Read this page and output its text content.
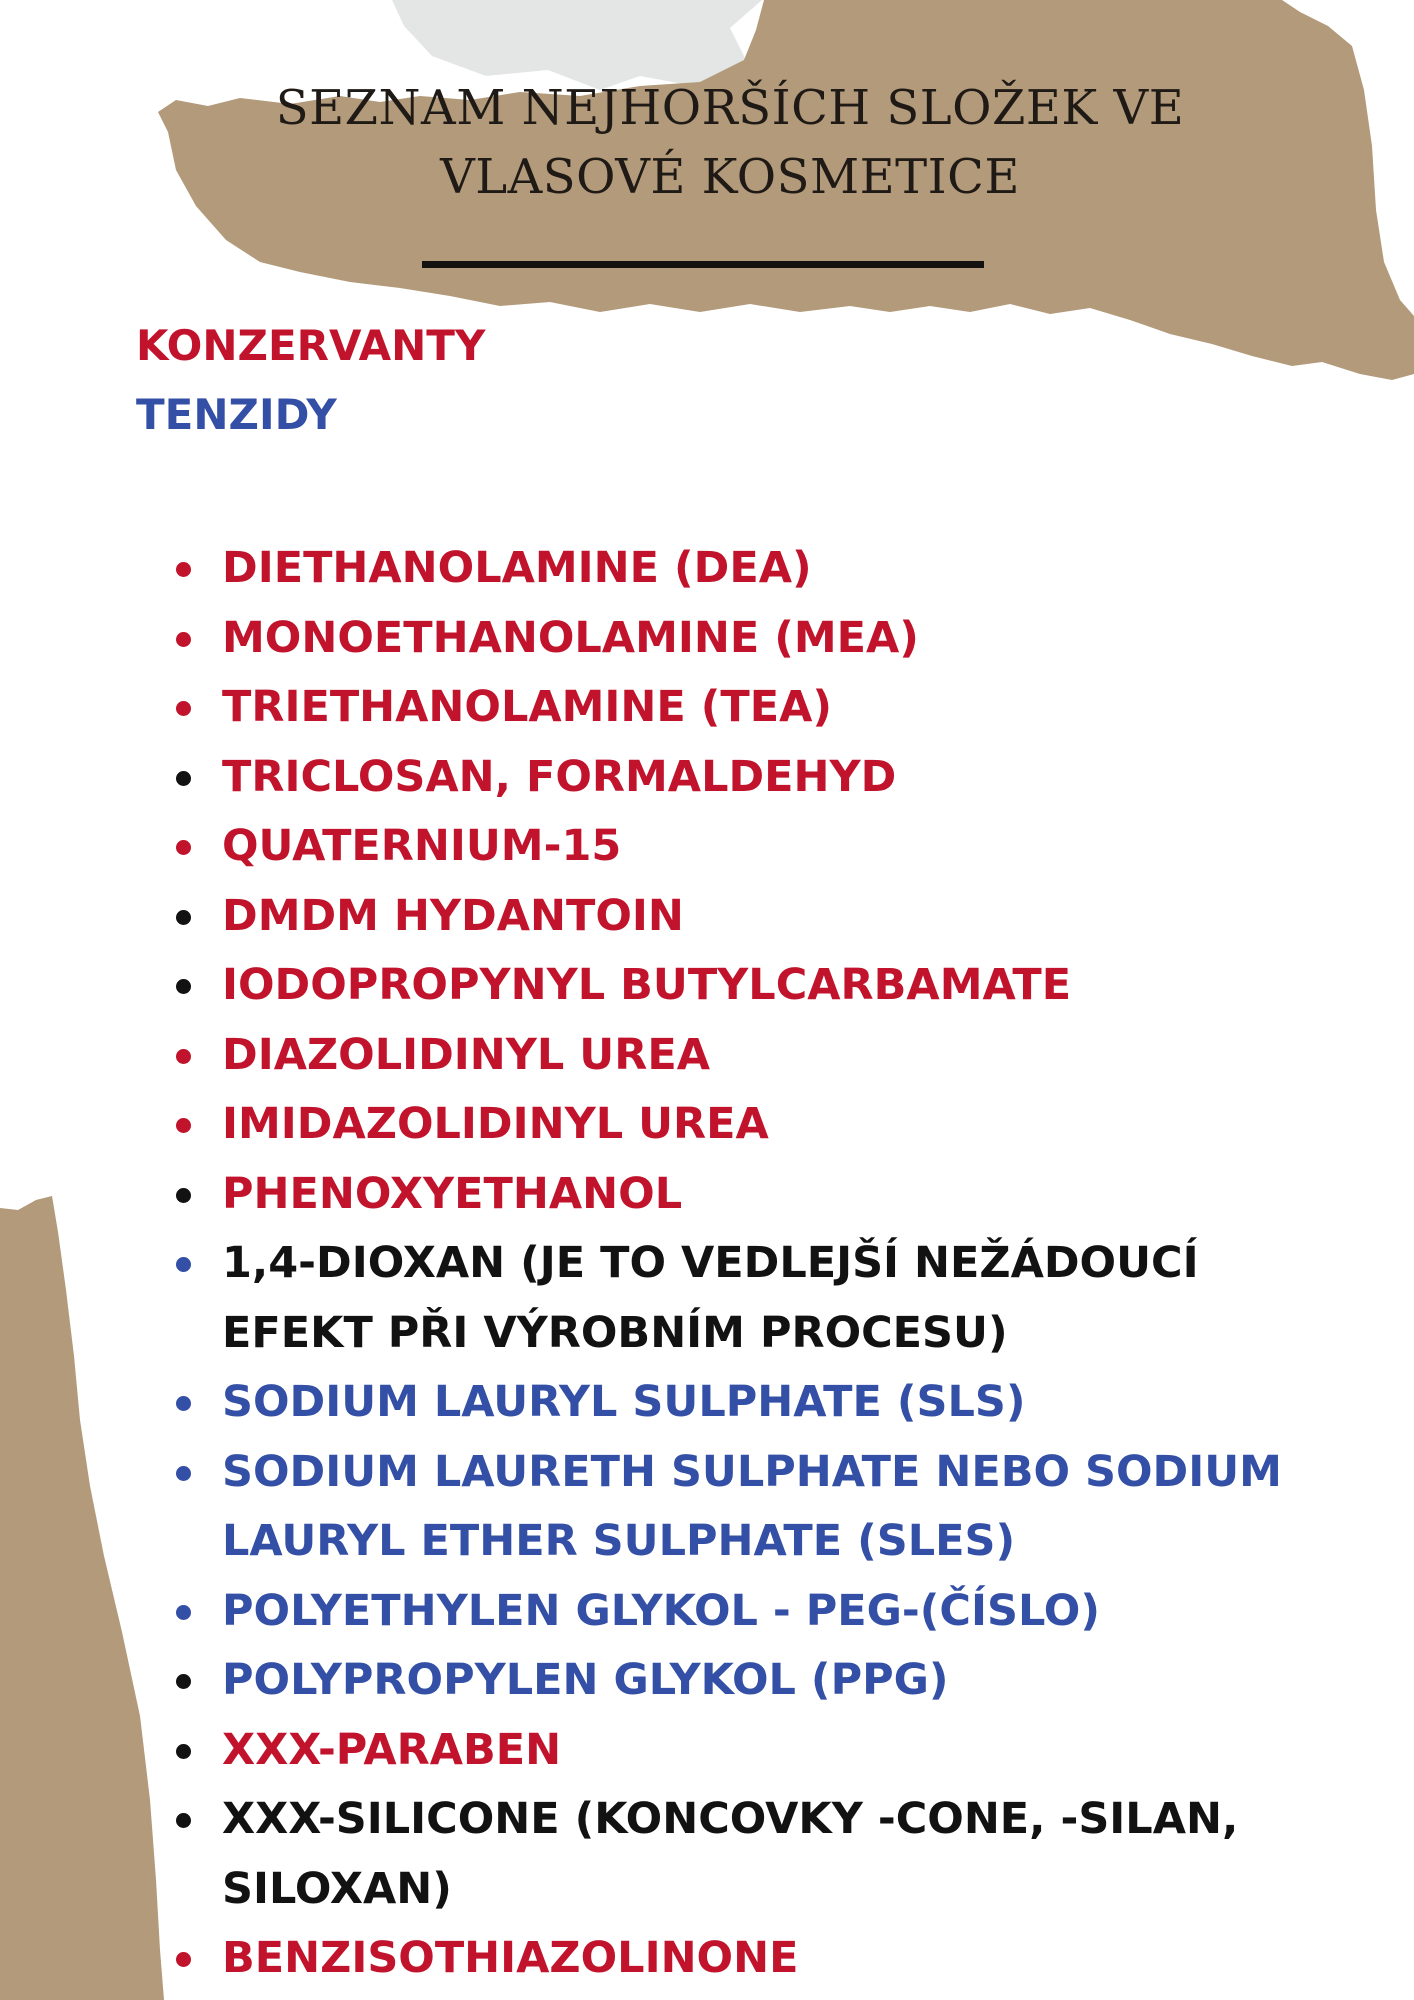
SEZNAM NEJHORŠÍCH SLOŽEK VE
VLASOVÉ KOSMETICE
KONZERVANTY
TENZIDY
DIETHANOLAMINE (DEA)
MONOETHANOLAMINE (MEA)
TRIETHANOLAMINE (TEA)
TRICLOSAN, FORMALDEHYD
QUATERNIUM-15
DMDM HYDANTOIN
IODOPROPYNYL BUTYLCARBAMATE
DIAZOLIDINYL UREA
IMIDAZOLIDINYL UREA
PHENOXYETHANOL
1,4-DIOXAN (JE TO VEDLEJŠÍ NEŽÁDOUCÍ EFEKT PŘI VÝROBNÍM PROCESU)
SODIUM LAURYL SULPHATE (SLS)
SODIUM LAURETH SULPHATE NEBO SODIUM LAURYL ETHER SULPHATE (SLES)
POLYETHYLEN GLYKOL - PEG-(ČÍSLO)
POLYPROPYLEN GLYKOL (PPG)
XXX-PARABEN
XXX-SILICONE (KONCOVKY -CONE, -SILAN, SILOXAN)
BENZISOTHIAZOLINONE
